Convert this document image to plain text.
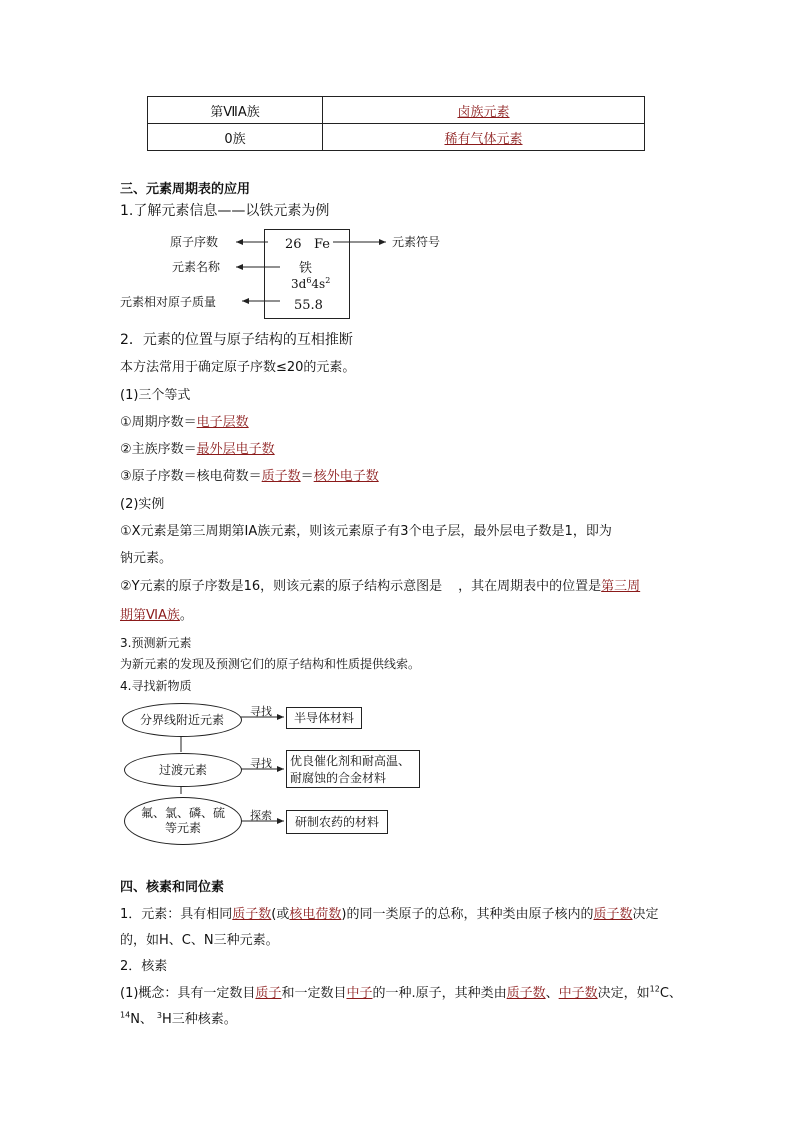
第ⅦA族	卤族元素
0族	稀有气体元素
三、元素周期表的应用
1.了解元素信息——以铁元素为例
26 Fe
铁
$3d^64s^2$
55.8
原子序数
元素名称
元素相对原子质量
元素符号
2．元素的位置与原子结构的互相推断
本方法常用于确定原子序数≤20的元素。
(1)三个等式
①周期序数＝电子层数
②主族序数＝最外层电子数
③原子序数＝核电荷数＝质子数＝核外电子数
(2)实例
①X元素是第三周期第ⅠA族元素，则该元素原子有3个电子层，最外层电子数是1，即为
钠元素。
②Y元素的原子序数是16，则该元素的原子结构示意图是 ，其在周期表中的位置是第三周
期第ⅥA族。
3.预测新元素
为新元素的发现及预测它们的原子结构和性质提供线索。
4.寻找新物质
分界线附近元素
过渡元素
氟、氯、磷、硫
等元素
寻找
寻找
探索
半导体材料
优良催化剂和耐高温、
耐腐蚀的合金材料
研制农药的材料
四、核素和同位素
1．元素：具有相同质子数(或核电荷数)的同一类原子的总称，其种类由原子核内的质子数决定
的，如H、C、N三种元素。
2．核素
(1)概念：具有一定数目质子和一定数目中子的一种.原子，其种类由质子数、中子数决定，如$^{12}$C、
$^{14}$N、 $^3$H三种核素。
